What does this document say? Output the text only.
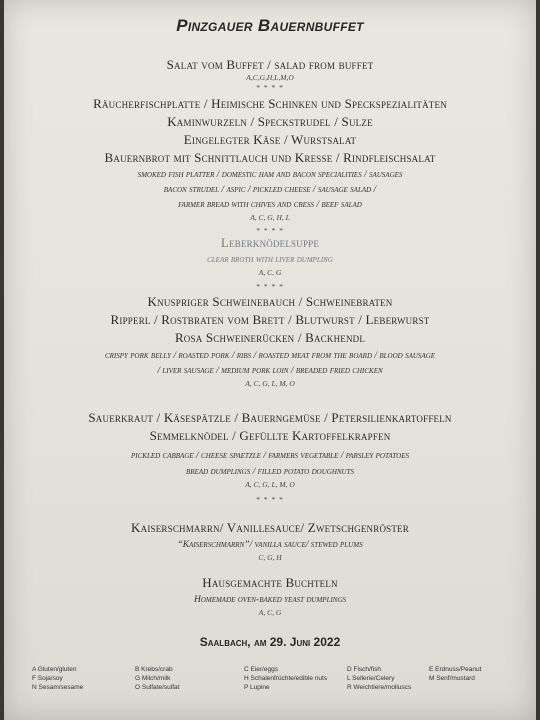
Pinzgauer Bauernbuffet
Salat vom Buffet / salad from buffet
A,C,G,H,L,M,O
* * * *
Räucherfischplatte / Heimische Schinken und Speckspezialitäten
Kaminwurzeln / Speckstrudel / Sulze
Eingelegter Käse / Wurstsalat
Bauernbrot mit Schnittlauch und Kresse / Rindfleischsalat
smoked fish platter / domestic ham and bacon specialities / sausages
bacon strudel / aspic / pickled cheese / sausage salad /
farmer bread with chives and cress / beef salad
A, C, G, H, L
* * * *
Leberknödelsuppe
clear broth with liver dumpling
A, C, G
* * * *
Knuspriger Schweinebauch / Schweinebraten
Ripperl / Rostbraten vom Brett / Blutwurst / Leberwurst
Rosa Schweinerücken / Backhendl
crispy pork belly / roasted pork / ribs / roasted meat from the board / blood sausage
/ liver sausage / medium pork loin / breaded fried chicken
A, C, G, L, M, O
Sauerkraut / Käsespätzle / Bauerngemüse / Petersilienkartoffeln
Semmelknödel / Gefüllte Kartoffelkrapfen
pickled cabbage / cheese spaetzle / farmers vegetable / parsley potatoes
bread dumplings / filled potato doughnuts
A, C, G, L, M, O
* * * *
Kaiserschmarrn/ Vanillesauce/ Zwetschgenröster
“Kaiserschmarrn”/ vanilla sauce/ stewed plums
C, G, H
Hausgemachte Buchteln
Homemade oven-baked yeast dumplings
A, C, G
Saalbach, am 29. Juni 2022
A Gluten/gluten
F Soja/soy
N Sesam/sesame
B Krebs/crab
G Milch/milk
O Sulfate/sulfat
C Eier/eggs
H Schalenfrüchte/edible nuts
P Lupine
D Fisch/fish
L Sellerie/Celery
R Weichtiere/molluscs
E Erdnuss/Peanut
M Senf/mustard
